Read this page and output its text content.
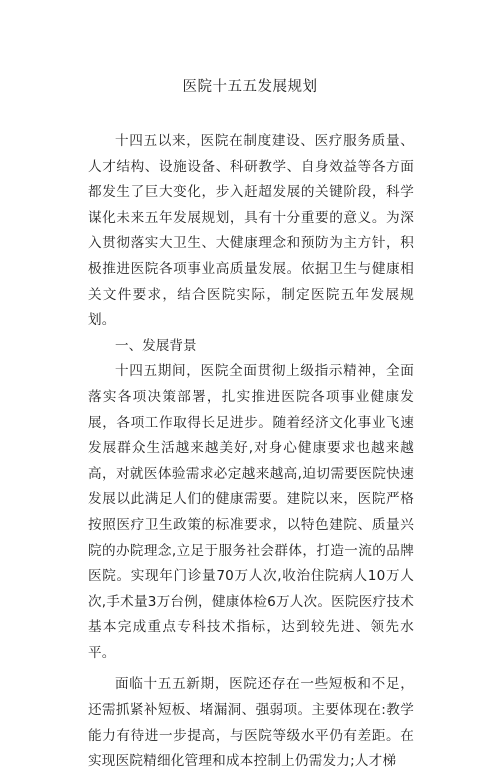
医院十五五发展规划

十四五以来，医院在制度建设、医疗服务质量、人才结构、设施设备、科研教学、自身效益等各方面都发生了巨大变化，步入赶超发展的关键阶段，科学谋化未来五年发展规划，具有十分重要的意义。为深入贯彻落实大卫生、大健康理念和预防为主方针，积极推进医院各项事业高质量发展。依据卫生与健康相关文件要求，结合医院实际，制定医院五年发展规划。

一、发展背景

十四五期间，医院全面贯彻上级指示精神，全面落实各项决策部署，扎实推进医院各项事业健康发展，各项工作取得长足进步。随着经济文化事业飞速发展群众生活越来越美好,对身心健康要求也越来越高，对就医体验需求必定越来越高,迫切需要医院快速发展以此满足人们的健康需要。建院以来，医院严格按照医疗卫生政策的标准要求，以特色建院、质量兴院的办院理念,立足于服务社会群体，打造一流的品牌医院。实现年门诊量70万人次,收治住院病人10万人次,手术量3万台例，健康体检6万人次。医院医疗技术基本完成重点专科技术指标，达到较先进、领先水平。

面临十五五新期，医院还存在一些短板和不足，还需抓紧补短板、堵漏洞、强弱项。主要体现在:教学能力有待进一步提高，与医院等级水平仍有差距。在实现医院精细化管理和成本控制上仍需发力;人才梯
